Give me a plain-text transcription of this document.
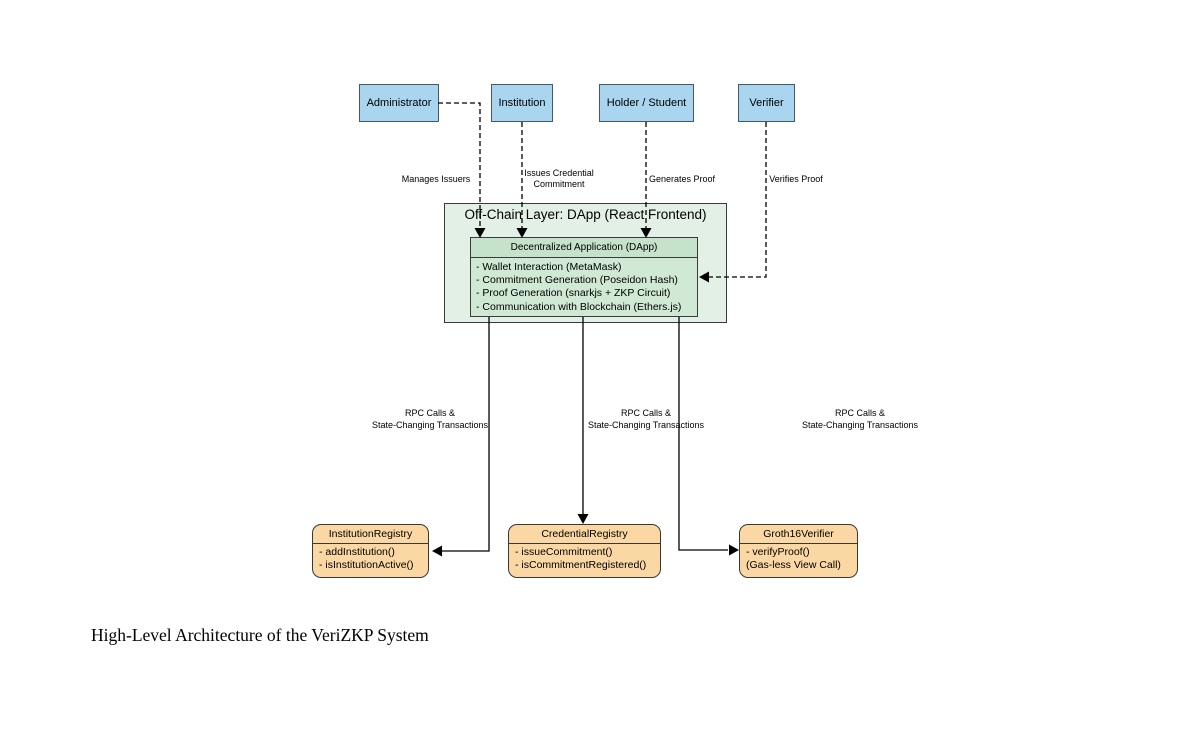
Administrator	Institution	Holder / Student	Verifier
Manages Issuers
Issues Credential
Commitment	Generates Proof	Verifies Proof
Off-Chain Layer: DApp (React Frontend)
Decentralized Application (DApp)
- Wallet Interaction (MetaMask)
- Commitment Generation (Poseidon Hash)
- Proof Generation (snarkjs + ZKP Circuit)
- Communication with Blockchain (Ethers.js)
RPC Calls &
State-Changing Transactions
RPC Calls &
State-Changing Transactions
RPC Calls &
State-Changing Transactions
InstitutionRegistry
- addInstitution()
- isInstitutionActive()
CredentialRegistry
- issueCommitment()
- isCommitmentRegistered()
Groth16Verifier
- verifyProof()
(Gas-less View Call)
High-Level Architecture of the VeriZKP System
